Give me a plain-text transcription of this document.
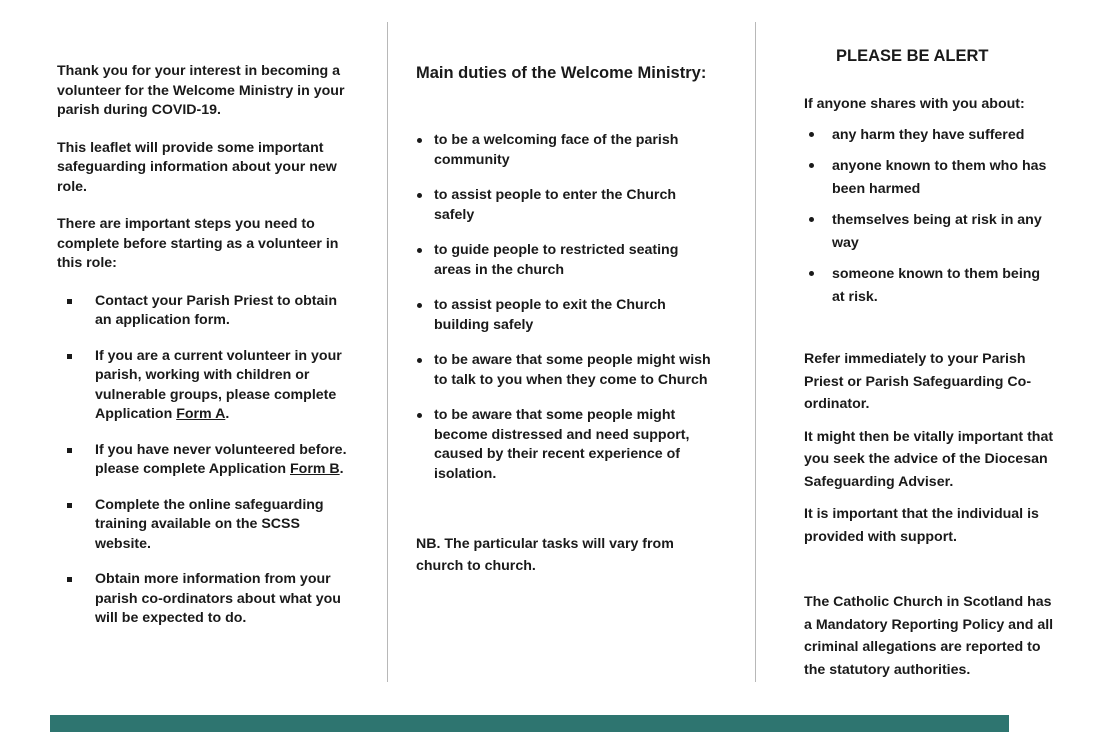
Thank you for your interest in becoming a volunteer for the Welcome Ministry in your parish during COVID-19.

This leaflet will provide some important safeguarding information about your new role.

There are important steps you need to complete before starting as a volunteer in this role:

Contact your Parish Priest to obtain an application form.
If you are a current volunteer in your parish, working with children or vulnerable groups, please complete Application Form A.
If you have never volunteered before. please complete Application Form B.
Complete the online safeguarding training available on the SCSS website.
Obtain more information from your parish co-ordinators about what you will be expected to do.
Main duties of the Welcome Ministry:
to be a welcoming face of the parish community
to assist people to enter the Church safely
to guide people to restricted seating areas in the church
to assist people to exit the Church building safely
to be aware that some people might wish to talk to you when they come to Church
to be aware that some people might become distressed and need support, caused by their recent experience of isolation.

NB. The particular tasks will vary from church to church.

PLEASE BE ALERT

If anyone shares with you about:

any harm they have suffered
anyone known to them who has been harmed
themselves being at risk in any way
someone known to them being at risk.

Refer immediately to your Parish Priest or Parish Safeguarding Co-ordinator.

It might then be vitally important that you seek the advice of the Diocesan Safeguarding Adviser.

It is important that the individual is provided with support.

The Catholic Church in Scotland has a Mandatory Reporting Policy and all criminal allegations are reported to the statutory authorities.
